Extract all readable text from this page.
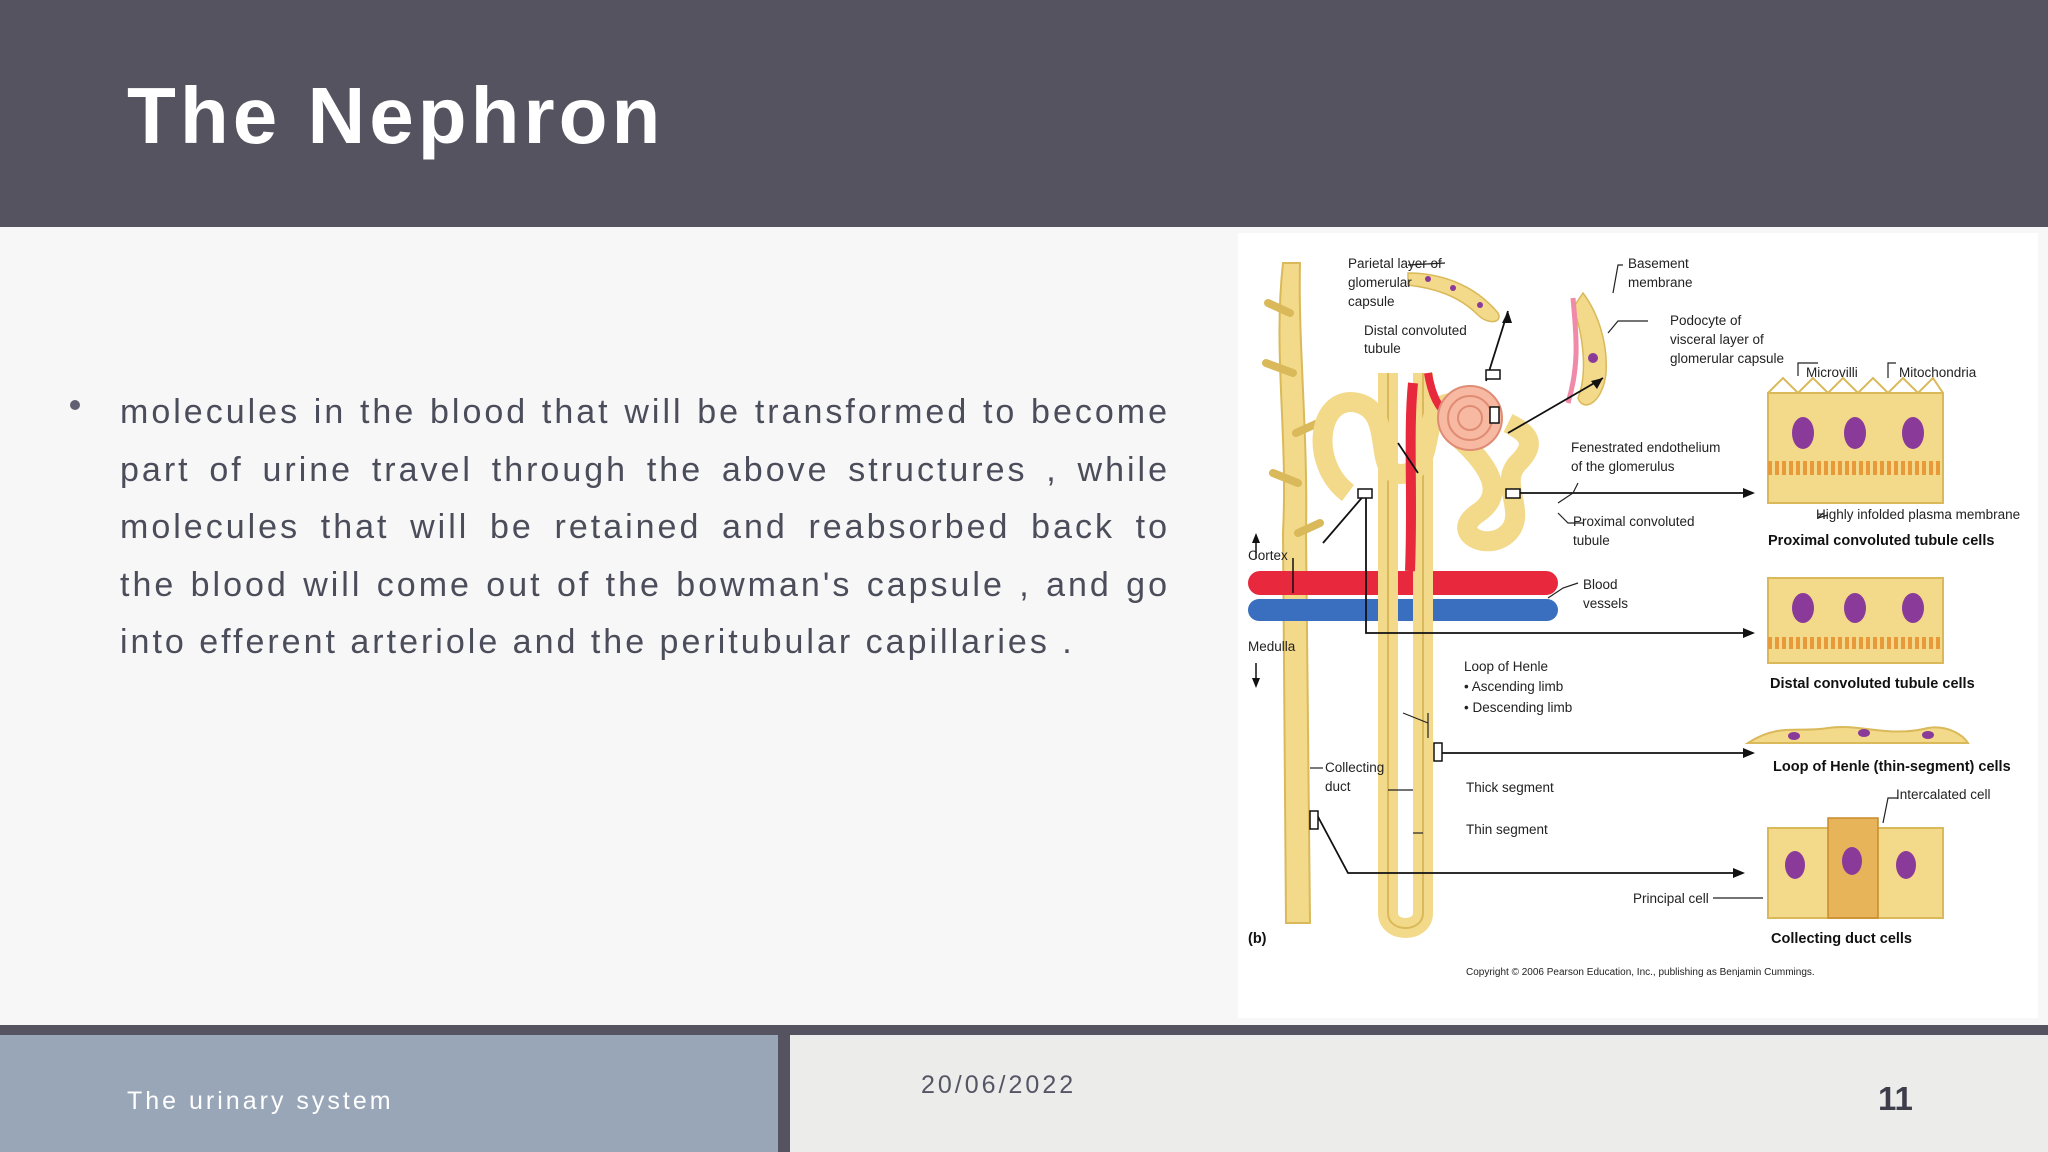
The Nephron

molecules in the blood that will be transformed to become part of urine travel through the above structures , while molecules that will be retained and reabsorbed back to the blood will come out of the bowman's capsule , and go into efferent arteriole and the peritubular capillaries .

Parietal layer of
glomerular
capsule
Basement
membrane
Distal convoluted
tubule
Podocyte of
visceral layer of
glomerular capsule
Microvilli	Mitochondria
Fenestrated endothelium
of the glomerulus
Highly infolded plasma membrane
Proximal convoluted
tubule	Proximal convoluted tubule cells
Cortex
Blood
vessels
Medulla
Distal convoluted tubule cells
Loop of Henle
• Ascending limb
• Descending limb
Loop of Henle (thin-segment) cells
Collecting
duct	Thick segment	Intercalated cell
Thin segment
Principal cell
(b)	Collecting duct cells
Copyright © 2006 Pearson Education, Inc., publishing as Benjamin Cummings.
The urinary system
20/06/2022	11
